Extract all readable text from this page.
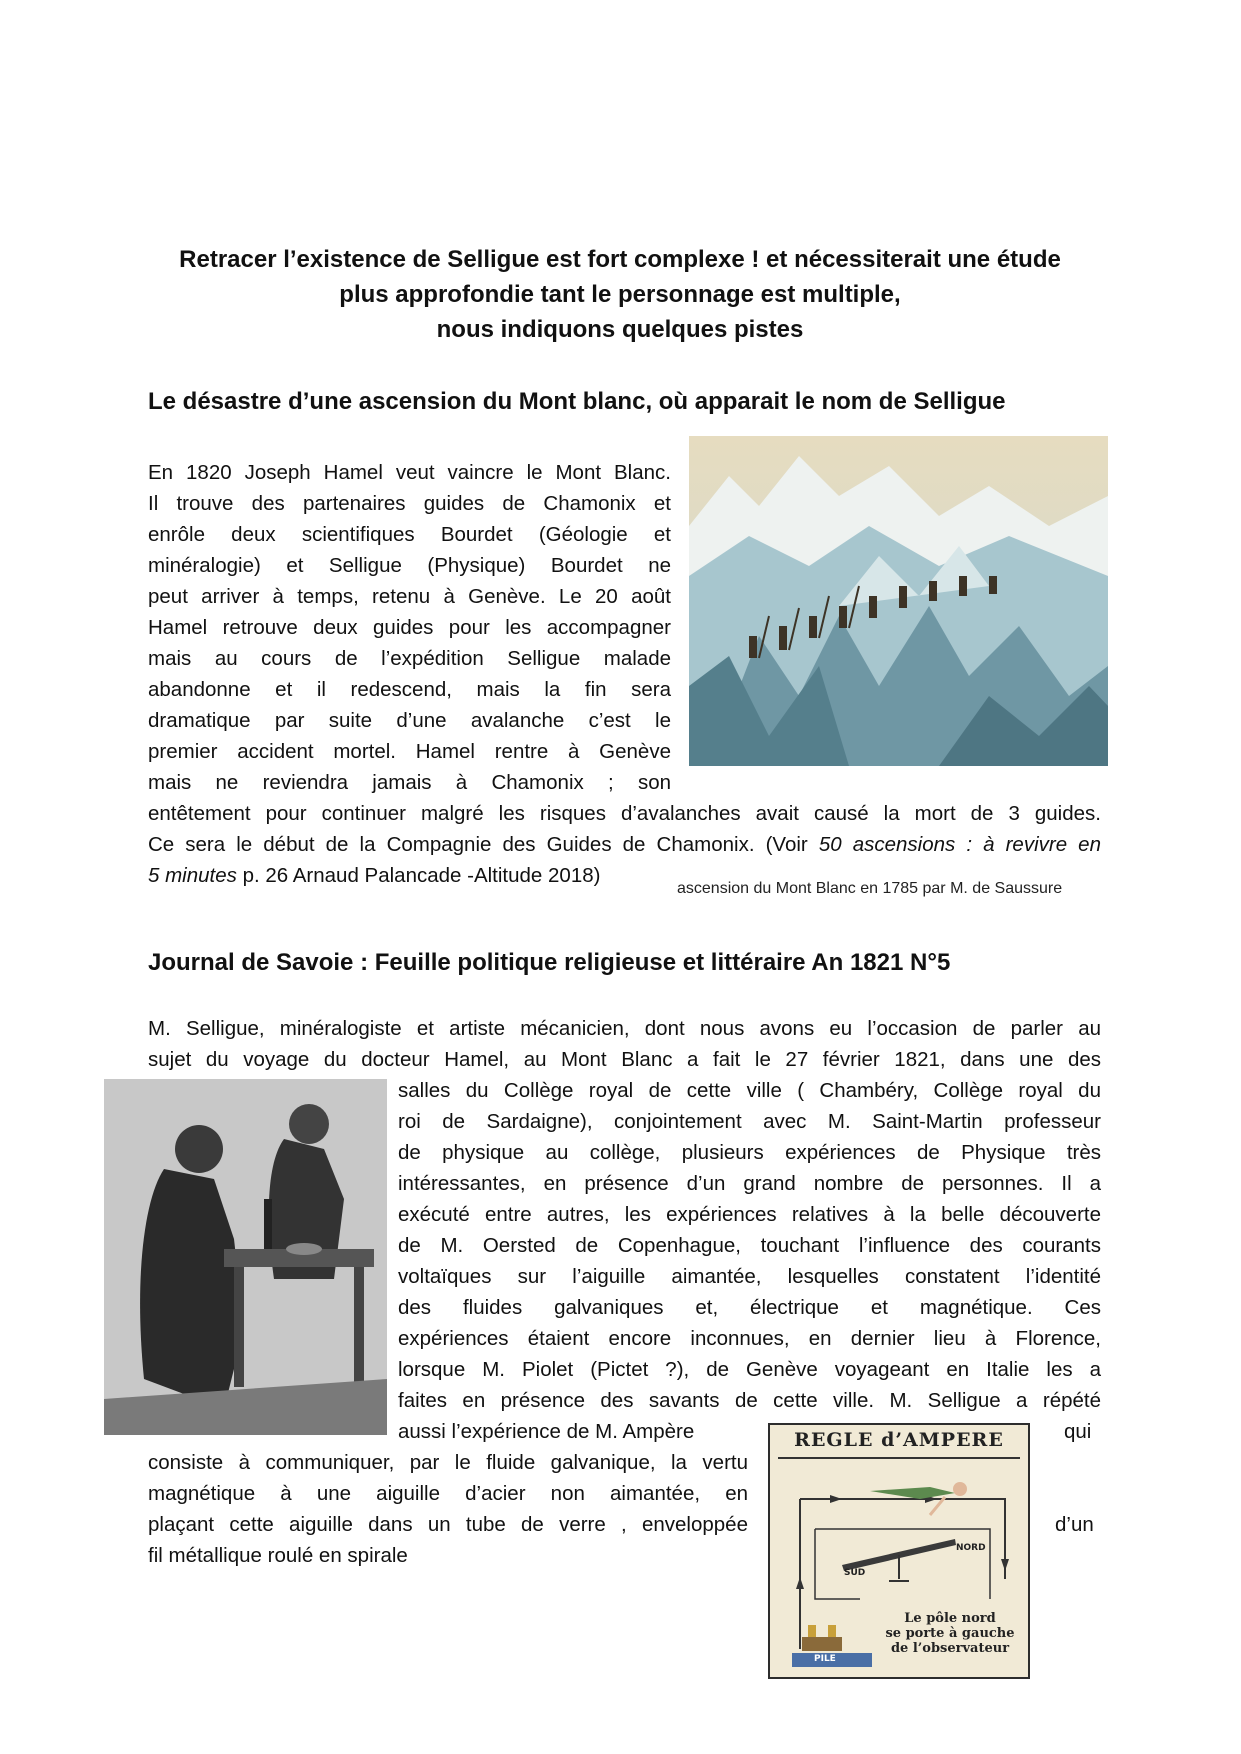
Retracer l’existence de Selligue est fort complexe ! et nécessiterait une étude
plus approfondie tant le personnage est multiple,
nous indiquons quelques pistes
Le désastre d’une ascension du Mont blanc, où apparait le nom de Selligue
En 1820 Joseph Hamel veut vaincre le Mont Blanc.
Il trouve des partenaires guides de Chamonix et
enrôle deux scientifiques Bourdet (Géologie et
minéralogie) et Selligue (Physique) Bourdet ne
peut arriver à temps, retenu à Genève. Le 20 août
Hamel retrouve deux guides pour les accompagner
mais au cours de l’expédition Selligue malade
abandonne et il redescend, mais la fin sera
dramatique par suite d’une avalanche c’est le
premier accident mortel. Hamel rentre à Genève
mais ne reviendra jamais à Chamonix ; son
entêtement pour continuer malgré les risques d’avalanches avait causé la mort de 3 guides.
Ce sera le début de la Compagnie des Guides de Chamonix. (Voir 50 ascensions : à revivre en
5 minutes p. 26 Arnaud Palancade -Altitude 2018)
ascension du Mont Blanc en 1785 par M. de Saussure
Journal de Savoie : Feuille politique religieuse et littéraire An 1821 N°5
M. Selligue, minéralogiste et artiste mécanicien, dont nous avons eu l’occasion de parler au
sujet du voyage du docteur Hamel, au Mont Blanc a fait le 27 février 1821, dans une des
salles du Collège royal de cette ville ( Chambéry, Collège royal du
roi de Sardaigne), conjointement avec M. Saint-Martin professeur
de physique au collège, plusieurs expériences de Physique très
intéressantes, en présence d’un grand nombre de personnes. Il a
exécuté entre autres, les expériences relatives à la belle découverte
de M. Oersted de Copenhague, touchant l’influence des courants
voltaïques sur l’aiguille aimantée, lesquelles constatent l’identité
des fluides galvaniques et, électrique et magnétique. Ces
expériences étaient encore inconnues, en dernier lieu à Florence,
lorsque M. Piolet (Pictet ?), de Genève voyageant en Italie les a
faites en présence des savants de cette ville. M. Selligue a répété
aussi l’expérience de M. Ampère	qui
consiste à communiquer, par le fluide galvanique, la vertu
magnétique à une aiguille d’acier non aimantée, en
plaçant cette aiguille dans un tube de verre , enveloppée	d’un
fil métallique roulé en spirale
REGLE d’AMPERE
SUD
NORD
PILE
Le pôle nord
se porte à gauche
de l’observateur
